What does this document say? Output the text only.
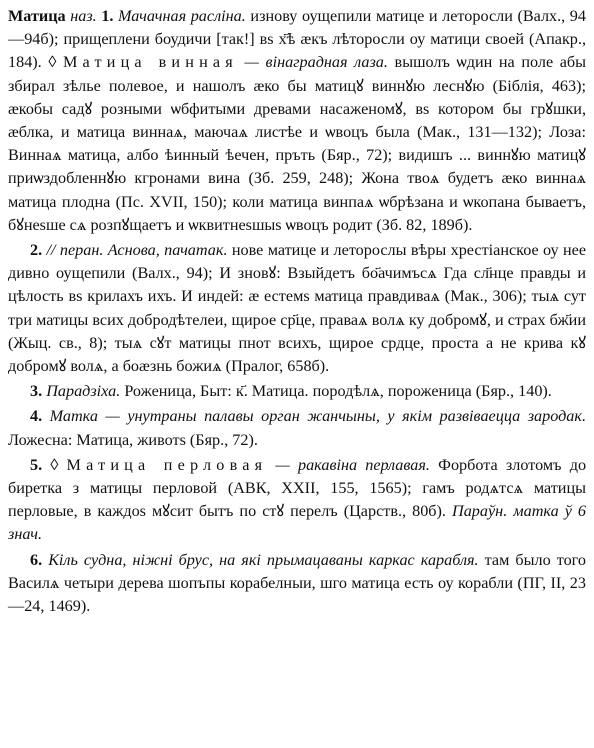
Матица наз. 1. Мачачная расліна. изнову оущепили матице и леторосли (Валх., 94—94б); прищеплени боудичи [так!] вs х҃ѣ ӕкъ лѣторосли оу матици своей (Апакр., 184). ◊ Матица винная — вінаградная лаза. вышолъ ѡдин на поле абы збирал зѣлье полевое, и нашолъ ӕко бы матицꙋ виннꙋю леснꙋю (Біблія, 463); ӕкобы садꙋ розными ѡбфитыми древами насаженомꙋ, вs котором бы грꙋшки, ӕблка, и матица виннаѧ, маючаѧ листѣе и ѡвоцъ была (Мак., 131—132); Лоза: Виннаѧ матица, албо ѣинный ѣечен, пръть (Бяр., 72); видишъ ... виннꙋю матицꙋ приѡздобленнꙋю кгронами вина (Зб. 259, 248); Жона твоѧ будетъ ӕко виннаѧ матица плодна (Пс. XVII, 150); коли матица винпаѧ ѡбрѣзана и ѡкопана бываетъ, бꙋнеsше сѧ розпꙋщаетъ и ѡквитнеsшыs ѡвоцъ родит (Зб. 82, 189б).

2. // перан. Аснова, пачатак. нове матице и леторослы вѣры хрестіанское оу нее дивно оущепили (Валх., 94); И зновꙋ: Взыйдетъ бо҃ачимъсѧ Гда сл҃нце правды и цѣлость вs крилахъ ихъ. И индей: ӕ естемs матица правдиваѧ (Мак., 306); тыѧ сут три матицы всих добродѣтелеи, щирое ср҃це, праваѧ волѧ ку добромꙋ, и страх бж҃ии (Жыц. св., 8); тыѧ сꙋт матицы пнот всихъ, щирое срдце, проста а не крива кꙋ добромꙋ волѧ, а боӕзнь божиѧ (Пралог, 658б).

3. Парадзіха. Роженица, Быт: к҃. Матица. породѣлѧ, пороженица (Бяр., 140).

4. Матка — унутраны палавы орган жанчыны, у якім развіваецца зародак. Ложесна: Матица, животs (Бяр., 72).

5. ◊ Матица перловая — ракавіна перлавая. Форбота злотомъ до биретка з матицы перловой (АВК, XXII, 155, 1565); гамъ родѧтсѧ матицы перловые, в каждоs мꙋсит бытъ по стꙋ перелъ (Царств., 80б). Параўн. матка ў 6 знач.

6. Кіль судна, ніжні брус, на які прымацаваны каркас карабля. там было того Василѧ четыри дерева шопъпы корабелныи, шго матица есть оу корабли (ПГ, II, 23—24, 1469).
